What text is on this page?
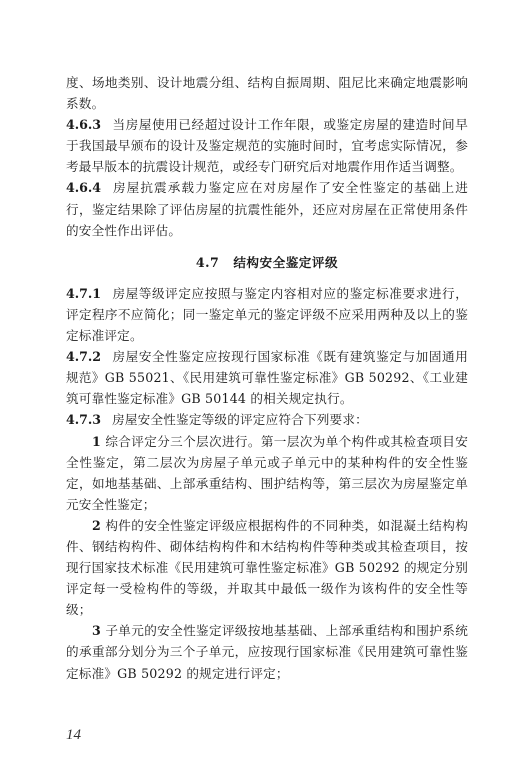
度、场地类别、设计地震分组、结构自振周期、阻尼比来确定地震影响系数。

4.6.3 当房屋使用已经超过设计工作年限，或鉴定房屋的建造时间早于我国最早颁布的设计及鉴定规范的实施时间时，宜考虑实际情况，参考最早版本的抗震设计规范，或经专门研究后对地震作用作适当调整。

4.6.4 房屋抗震承载力鉴定应在对房屋作了安全性鉴定的基础上进行，鉴定结果除了评估房屋的抗震性能外，还应对房屋在正常使用条件的安全性作出评估。

4.7 结构安全鉴定评级

4.7.1 房屋等级评定应按照与鉴定内容相对应的鉴定标准要求进行，评定程序不应简化；同一鉴定单元的鉴定评级不应采用两种及以上的鉴定标准评定。

4.7.2 房屋安全性鉴定应按现行国家标准《既有建筑鉴定与加固通用规范》GB 55021、《民用建筑可靠性鉴定标准》GB 50292、《工业建筑可靠性鉴定标准》GB 50144 的相关规定执行。

4.7.3 房屋安全性鉴定等级的评定应符合下列要求：

1 综合评定分三个层次进行。第一层次为单个构件或其检查项目安全性鉴定，第二层次为房屋子单元或子单元中的某种构件的安全性鉴定，如地基基础、上部承重结构、围护结构等，第三层次为房屋鉴定单元安全性鉴定；

2 构件的安全性鉴定评级应根据构件的不同种类，如混凝土结构构件、钢结构构件、砌体结构构件和木结构构件等种类或其检查项目，按现行国家技术标准《民用建筑可靠性鉴定标准》GB 50292 的规定分别评定每一受检构件的等级，并取其中最低一级作为该构件的安全性等级；

3 子单元的安全性鉴定评级按地基基础、上部承重结构和围护系统的承重部分划分为三个子单元，应按现行国家标准《民用建筑可靠性鉴定标准》GB 50292 的规定进行评定；

14
